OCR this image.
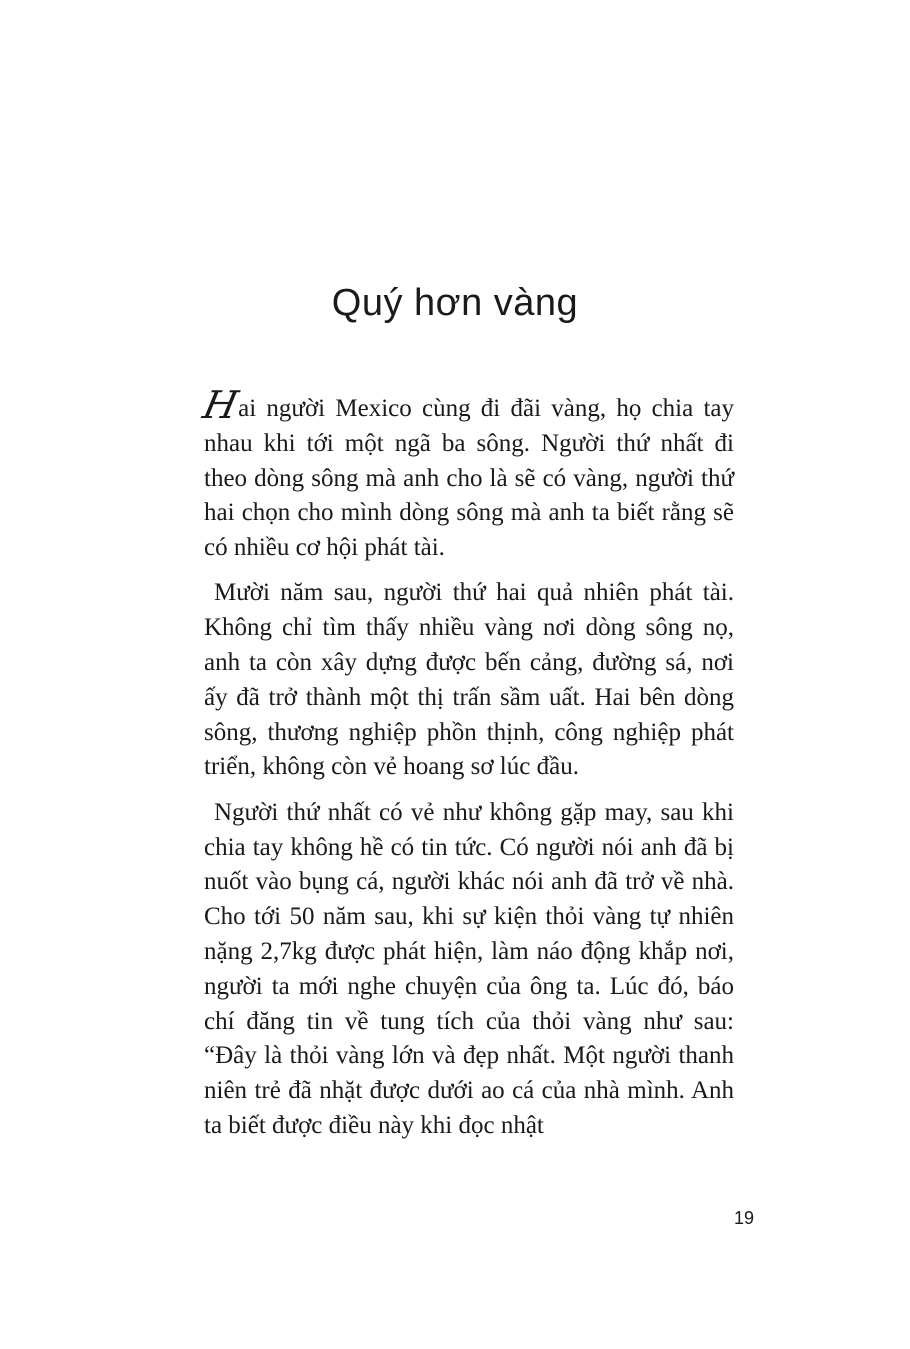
Quý hơn vàng

Hai người Mexico cùng đi đãi vàng, họ chia tay nhau khi tới một ngã ba sông. Người thứ nhất đi theo dòng sông mà anh cho là sẽ có vàng, người thứ hai chọn cho mình dòng sông mà anh ta biết rằng sẽ có nhiều cơ hội phát tài.

Mười năm sau, người thứ hai quả nhiên phát tài. Không chỉ tìm thấy nhiều vàng nơi dòng sông nọ, anh ta còn xây dựng được bến cảng, đường sá, nơi ấy đã trở thành một thị trấn sầm uất. Hai bên dòng sông, thương nghiệp phồn thịnh, công nghiệp phát triển, không còn vẻ hoang sơ lúc đầu.

Người thứ nhất có vẻ như không gặp may, sau khi chia tay không hề có tin tức. Có người nói anh đã bị nuốt vào bụng cá, người khác nói anh đã trở về nhà. Cho tới 50 năm sau, khi sự kiện thỏi vàng tự nhiên nặng 2,7kg được phát hiện, làm náo động khắp nơi, người ta mới nghe chuyện của ông ta. Lúc đó, báo chí đăng tin về tung tích của thỏi vàng như sau: “Đây là thỏi vàng lớn và đẹp nhất. Một người thanh niên trẻ đã nhặt được dưới ao cá của nhà mình. Anh ta biết được điều này khi đọc nhật

19
